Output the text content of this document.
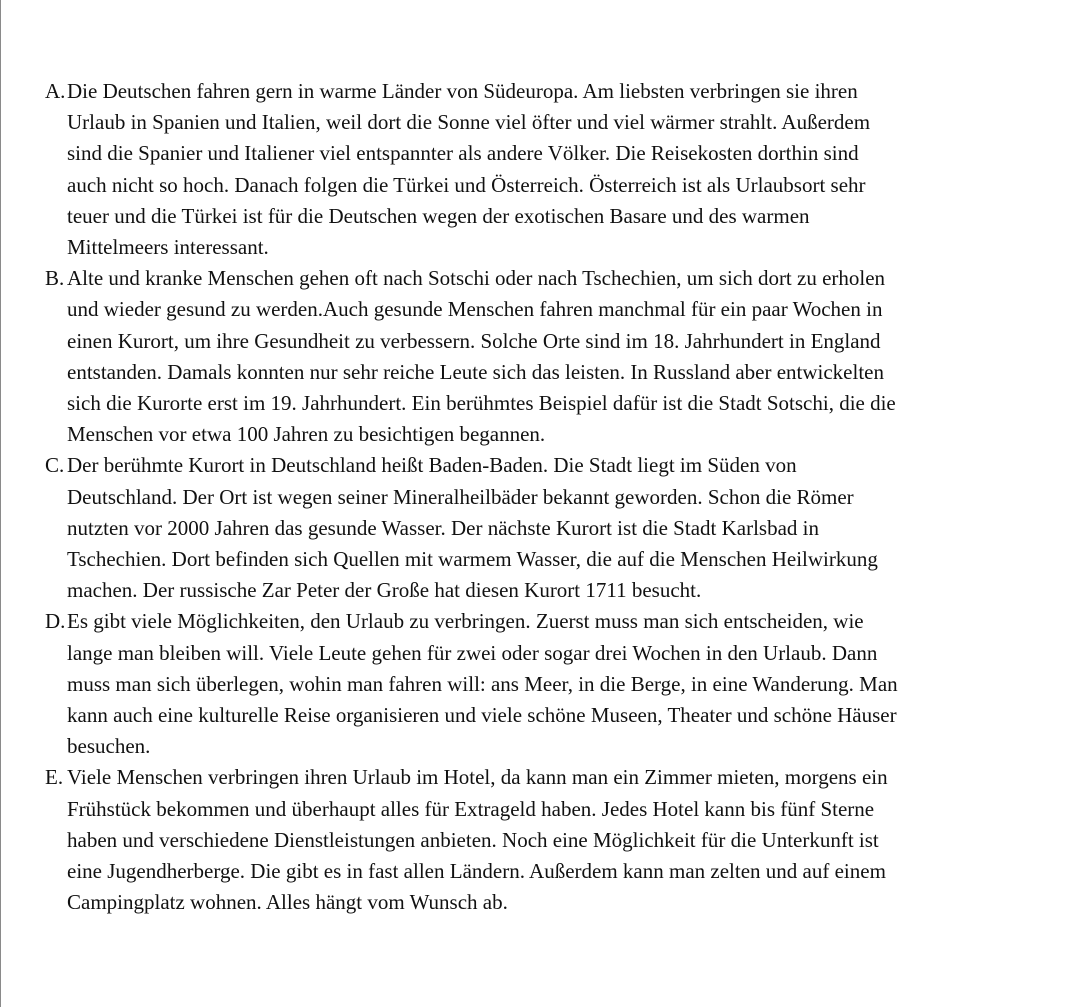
A. Die Deutschen fahren gern in warme Länder von Südeuropa. Am liebsten verbringen sie ihren
Urlaub in Spanien und Italien, weil dort die Sonne viel öfter und viel wärmer strahlt. Außerdem
sind die Spanier und Italiener viel entspannter als andere Völker. Die Reisekosten dorthin sind
auch nicht so hoch. Danach folgen die Türkei und Österreich. Österreich ist als Urlaubsort sehr
teuer und die Türkei ist für die Deutschen wegen der exotischen Basare und des warmen
Mittelmeers interessant.
B. Alte und kranke Menschen gehen oft nach Sotschi oder nach Tschechien, um sich dort zu erholen
und wieder gesund zu werden.Auch gesunde Menschen fahren manchmal für ein paar Wochen in
einen Kurort, um ihre Gesundheit zu verbessern. Solche Orte sind im 18. Jahrhundert in England
entstanden. Damals konnten nur sehr reiche Leute sich das leisten. In Russland aber entwickelten
sich die Kurorte erst im 19. Jahrhundert. Ein berühmtes Beispiel dafür ist die Stadt Sotschi, die die
Menschen vor etwa 100 Jahren zu besichtigen begannen.
C. Der berühmte Kurort in Deutschland heißt Baden-Baden. Die Stadt liegt im Süden von
Deutschland. Der Ort ist wegen seiner Mineralheilbäder bekannt geworden. Schon die Römer
nutzten vor 2000 Jahren das gesunde Wasser. Der nächste Kurort ist die Stadt Karlsbad in
Tschechien. Dort befinden sich Quellen mit warmem Wasser, die auf die Menschen Heilwirkung
machen. Der russische Zar Peter der Große hat diesen Kurort 1711 besucht.
D. Es gibt viele Möglichkeiten, den Urlaub zu verbringen. Zuerst muss man sich entscheiden, wie
lange man bleiben will. Viele Leute gehen für zwei oder sogar drei Wochen in den Urlaub. Dann
muss man sich überlegen, wohin man fahren will: ans Meer, in die Berge, in eine Wanderung. Man
kann auch eine kulturelle Reise organisieren und viele schöne Museen, Theater und schöne Häuser
besuchen.
E. Viele Menschen verbringen ihren Urlaub im Hotel, da kann man ein Zimmer mieten, morgens ein
Frühstück bekommen und überhaupt alles für Extrageld haben. Jedes Hotel kann bis fünf Sterne
haben und verschiedene Dienstleistungen anbieten. Noch eine Möglichkeit für die Unterkunft ist
eine Jugendherberge. Die gibt es in fast allen Ländern. Außerdem kann man zelten und auf einem
Campingplatz wohnen. Alles hängt vom Wunsch ab.
